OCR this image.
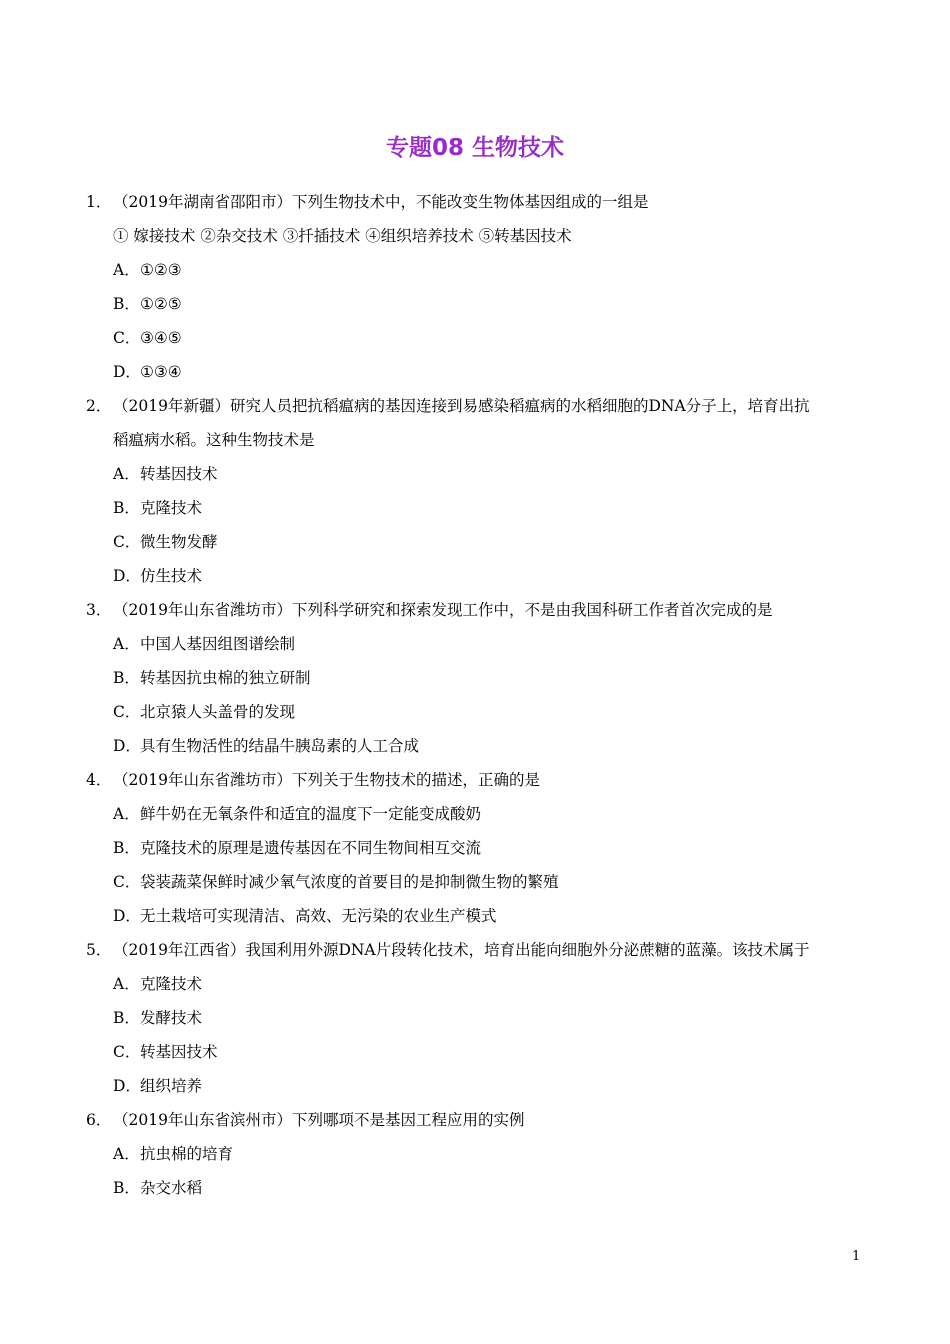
专题08 生物技术
1． （2019年湖南省邵阳市）下列生物技术中，不能改变生物体基因组成的一组是
① 嫁接技术 ②杂交技术 ③扦插技术 ④组织培养技术 ⑤转基因技术
A． ①②③
B． ①②⑤
C． ③④⑤
D． ①③④
2． （2019年新疆）研究人员把抗稻瘟病的基因连接到易感染稻瘟病的水稻细胞的DNA分子上，培育出抗
稻瘟病水稻。这种生物技术是
A． 转基因技术
B． 克隆技术
C． 微生物发酵
D． 仿生技术
3． （2019年山东省潍坊市）下列科学研究和探索发现工作中，不是由我国科研工作者首次完成的是
A． 中国人基因组图谱绘制
B． 转基因抗虫棉的独立研制
C． 北京猿人头盖骨的发现
D． 具有生物活性的结晶牛胰岛素的人工合成
4． （2019年山东省潍坊市）下列关于生物技术的描述，正确的是
A． 鲜牛奶在无氧条件和适宜的温度下一定能变成酸奶
B． 克隆技术的原理是遗传基因在不同生物间相互交流
C． 袋装蔬菜保鲜时减少氧气浓度的首要目的是抑制微生物的繁殖
D． 无土栽培可实现清洁、高效、无污染的农业生产模式
5． （2019年江西省）我国利用外源DNA片段转化技术，培育出能向细胞外分泌蔗糖的蓝藻。该技术属于
A． 克隆技术
B． 发酵技术
C． 转基因技术
D． 组织培养
6． （2019年山东省滨州市）下列哪项不是基因工程应用的实例
A． 抗虫棉的培育
B． 杂交水稻
1
